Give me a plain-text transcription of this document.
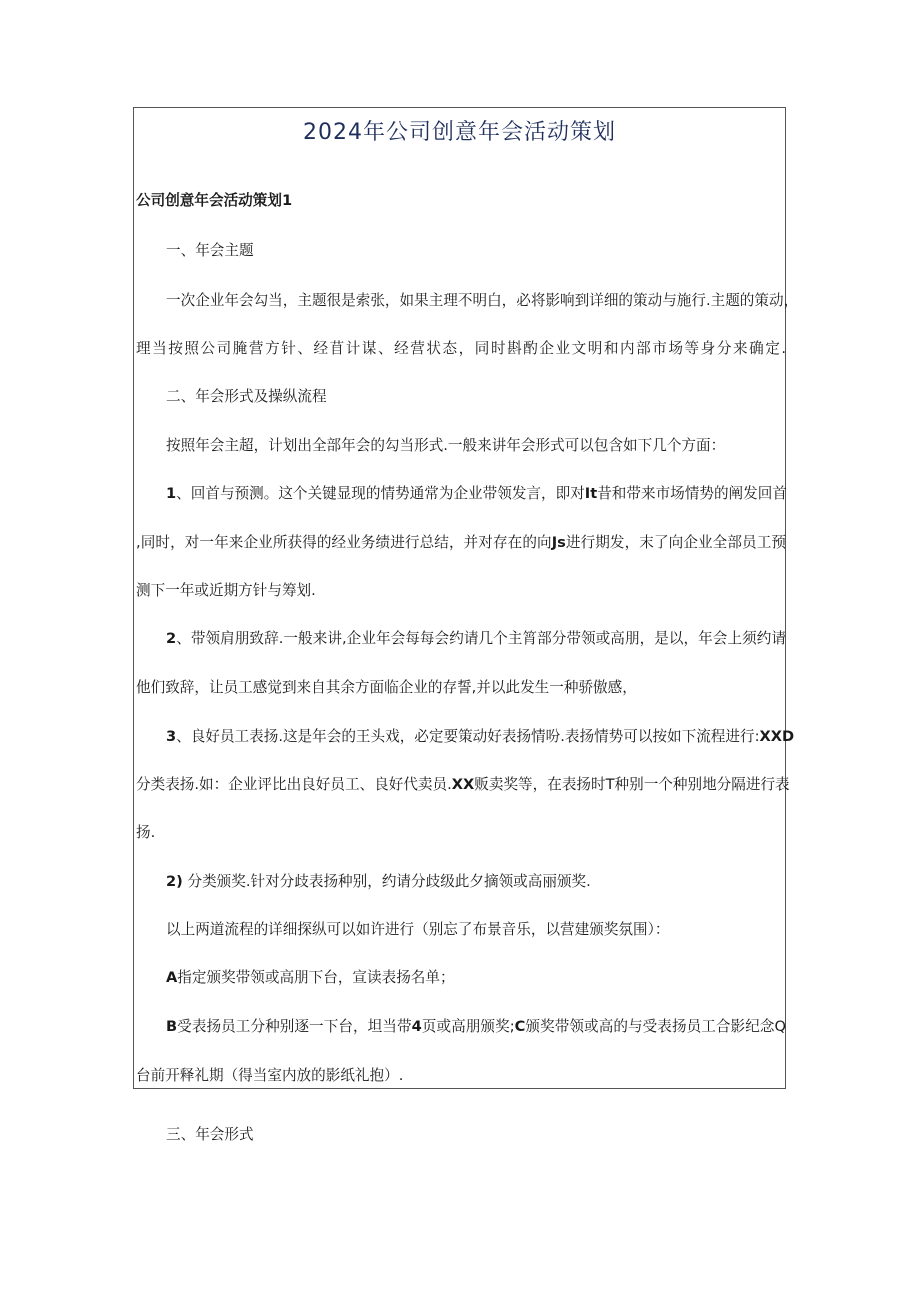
2024年公司创意年会活动策划
公司创意年会活动策划1
一、年会主题
一次企业年会勾当，主题很是索张，如果主理不明白，必将影响到详细的策动与施行.主题的策动，
理当按照公司腌营方针、经苜计谋、经营状态，同时斟酌企业文明和内部市场等身分来确定.
二、年会形式及操纵流程
按照年会主超，计划出全部年会的勾当形式.一般来讲年会形式可以包含如下几个方面：
1、回首与预测。这个关键显现的情势通常为企业带领发言，即对It昔和带来市场情势的阐发回首
,同时，对一年来企业所获得的经业务绩进行总结，并对存在的向Js进行期发，末了向企业全部员工预
测下一年或近期方针与筹划.
2、带领肩朋致辞.一般来讲,企业年会每每会约请几个主筲部分带领或高朋，是以，年会上须约请
他们致辞，让员工感觉到来自其余方面临企业的存誓,并以此发生一种骄傲感，
3、良好员工表扬.这是年会的王头戏，必定要策动好表扬情吩.表扬情势可以按如下流程进行:XXD
分类表扬.如：企业评比出良好员工、良好代卖员.XX贩卖奖等，在表扬时T种别一个种别地分隔进行表
扬.
2) 分类颁奖.针对分歧表扬种别，约请分歧级此夕摘领或高丽颁奖.
以上两道流程的详细探纵可以如许进行（别忘了布景音乐，以营建颁奖氛围）：
A指定颁奖带领或高朋下台，宣读表扬名单；
B受表扬员工分种别逐一下台，坦当带4页或高朋颁奖;C颁奖带领或高的与受表扬员工合影纪念Q
台前开释礼期（得当室内放的影纸礼抱）.
三、年会形式
